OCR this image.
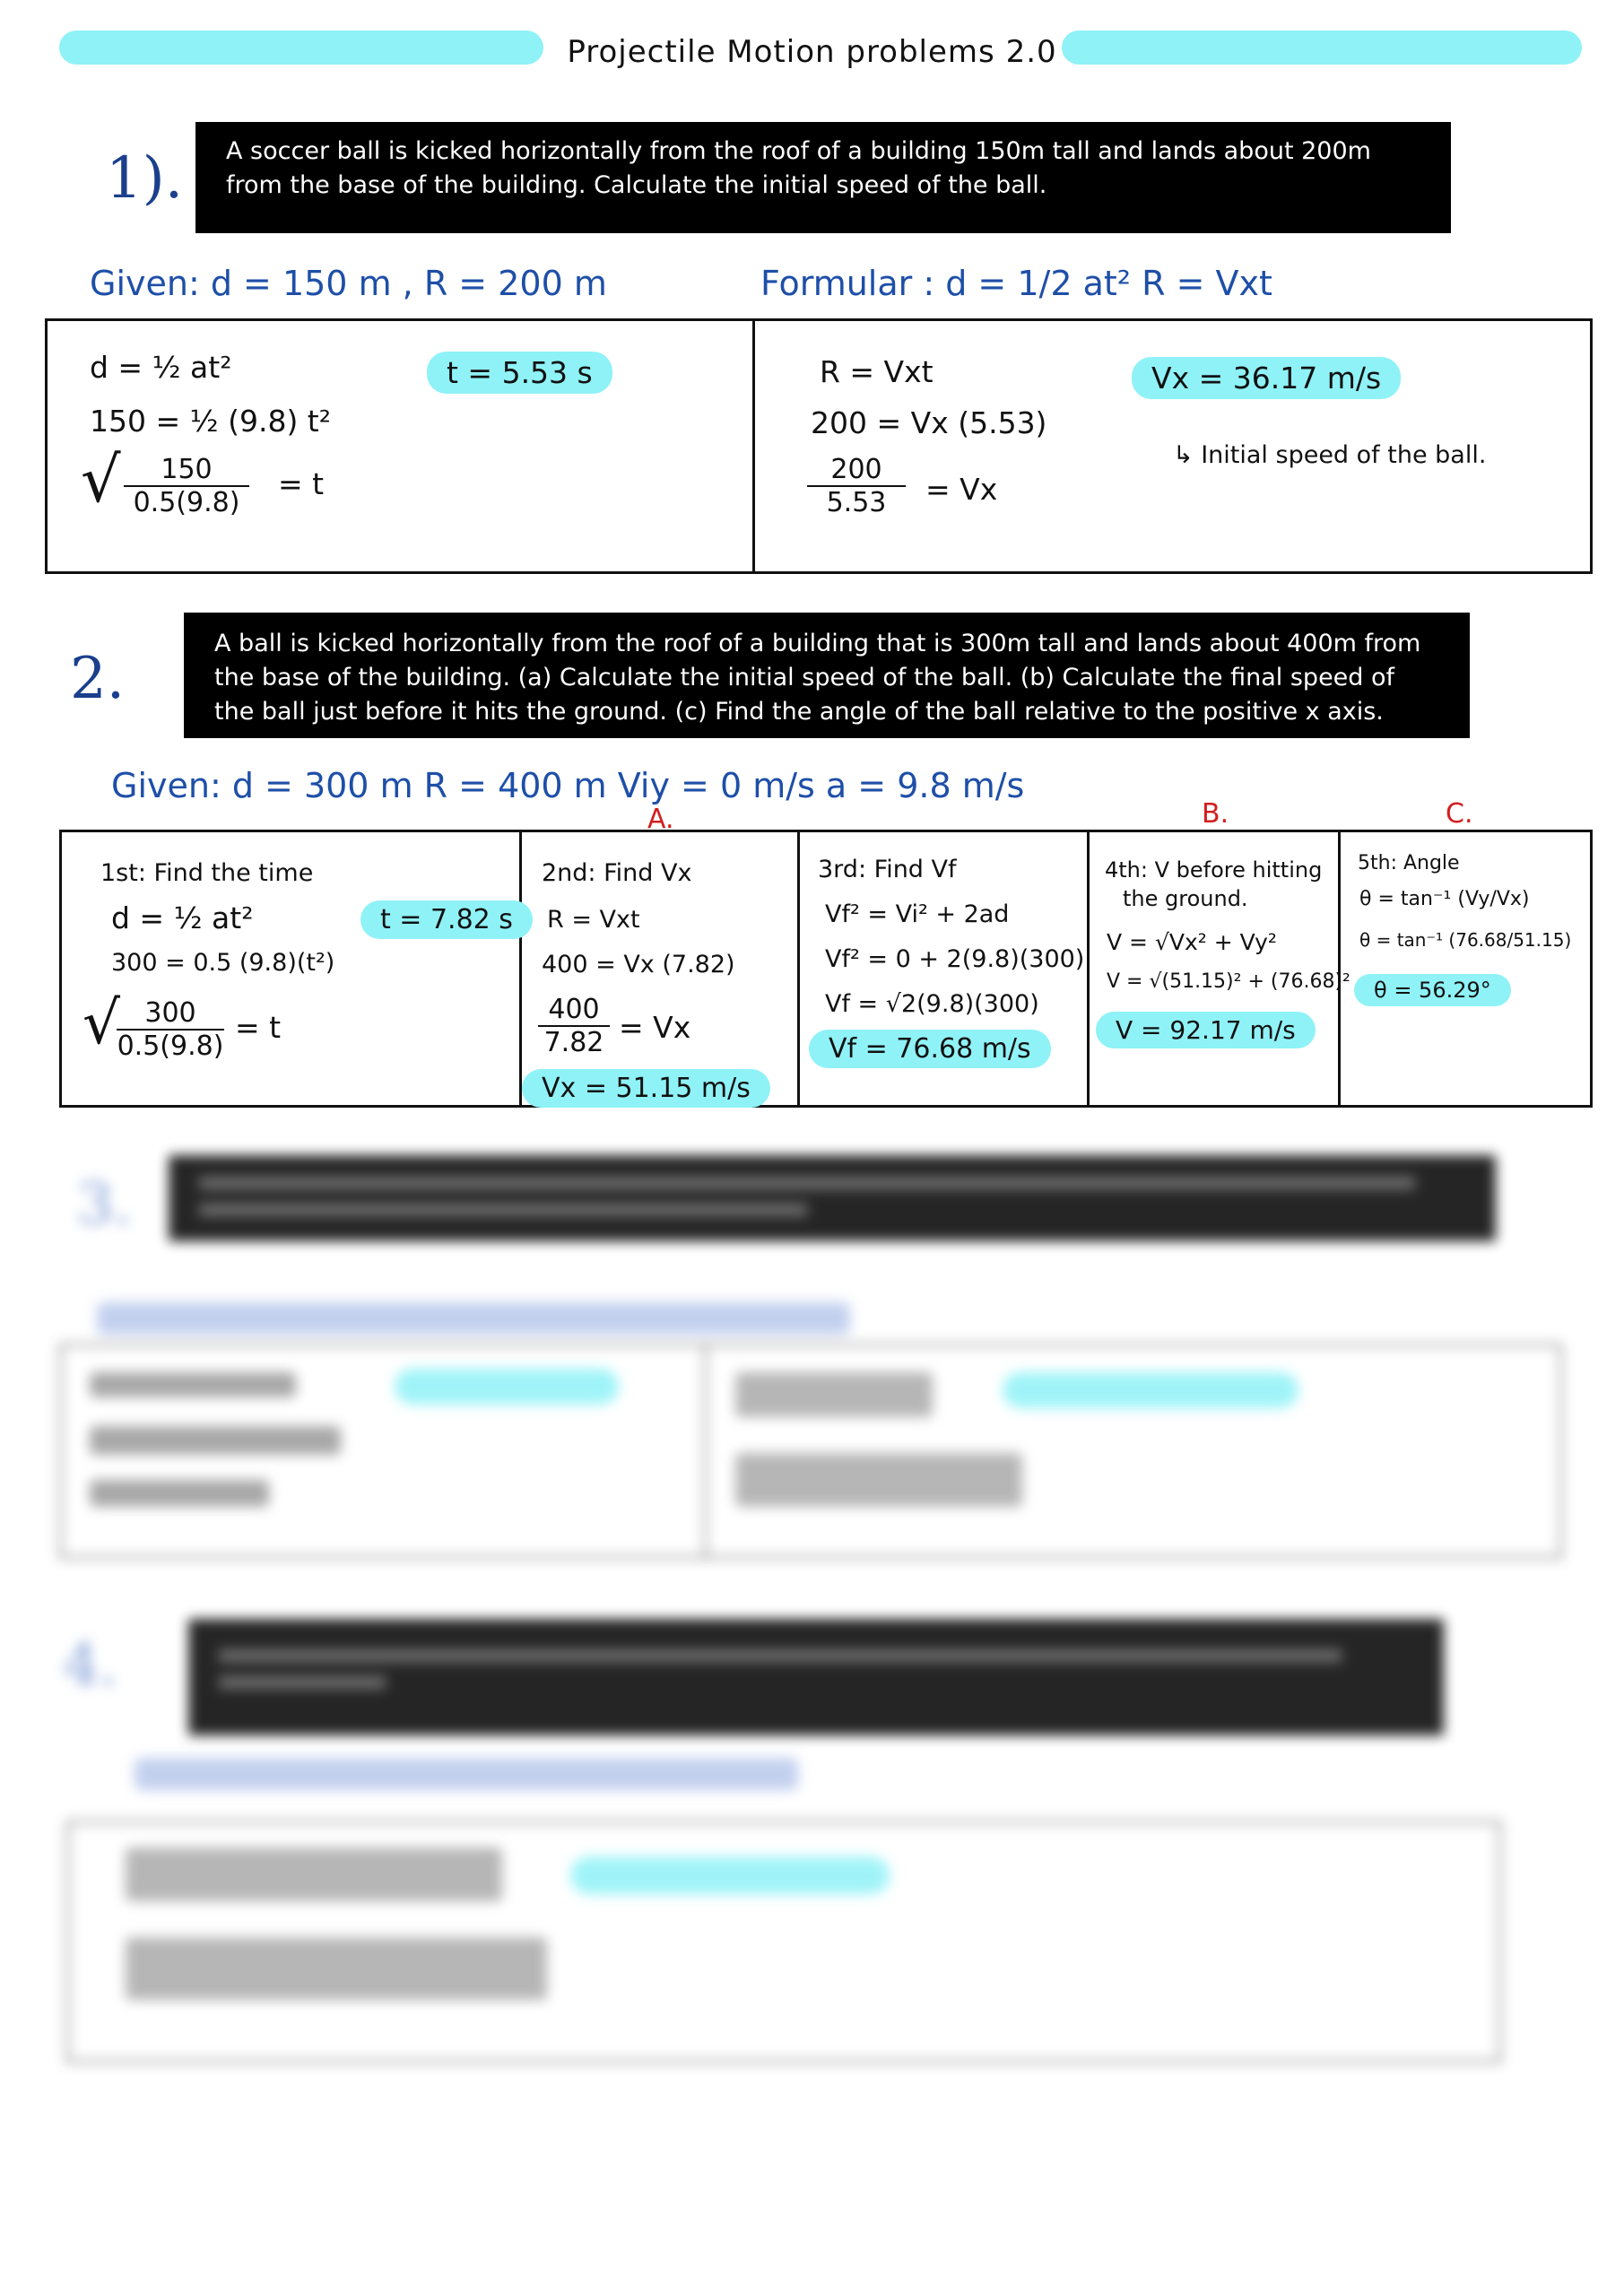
Projectile Motion problems 2.0
1).	A soccer ball is kicked horizontally from the roof of a building 150m tall and lands about 200m from the base of the building. Calculate the initial speed of the ball.
Given: d = 150 m , R = 200 m	Formular : d = 1/2 at² R = Vxt
d = ½ at²
150 = ½ (9.8) t²
√ $\frac{150}{0.5(9.8)} = t$
t = 5.53 s	R = Vxt
200 = Vx (5.53)
$\frac{200}{5.53} = Vx$
Vx = 36.17 m/s
↳ Initial speed of the ball.
2.
A ball is kicked horizontally from the roof of a building that is 300m tall and lands about 400m from the base of the building. (a) Calculate the initial speed of the ball. (b) Calculate the final speed of the ball just before it hits the ground. (c) Find the angle of the ball relative to the positive x axis.
Given: d = 300 m R = 400 m Viy = 0 m/s a = 9.8 m/s
A.	B.	C.
1st: Find the time
d = ½ at²
300 = 0.5 (9.8)(t²)
√
$\frac{300}{0.5(9.8)} = t$
t = 7.82 s
2nd: Find Vx
R = Vxt
400 = Vx (7.82)
$\frac{400}{7.82} = Vx$
Vx = 51.15 m/s
3rd: Find Vf
Vf² = Vi² + 2ad
Vf² = 0 + 2(9.8)(300)
Vf = √2(9.8)(300)
Vf = 76.68 m/s
4th: V before hitting
the ground.
V = √Vx² + Vy²
V = √(51.15)² + (76.68)²
V = 92.17 m/s
5th: Angle
θ = tan⁻¹ (Vy/Vx)
θ = tan⁻¹ (76.68/51.15)
θ = 56.29°
3.
4.
